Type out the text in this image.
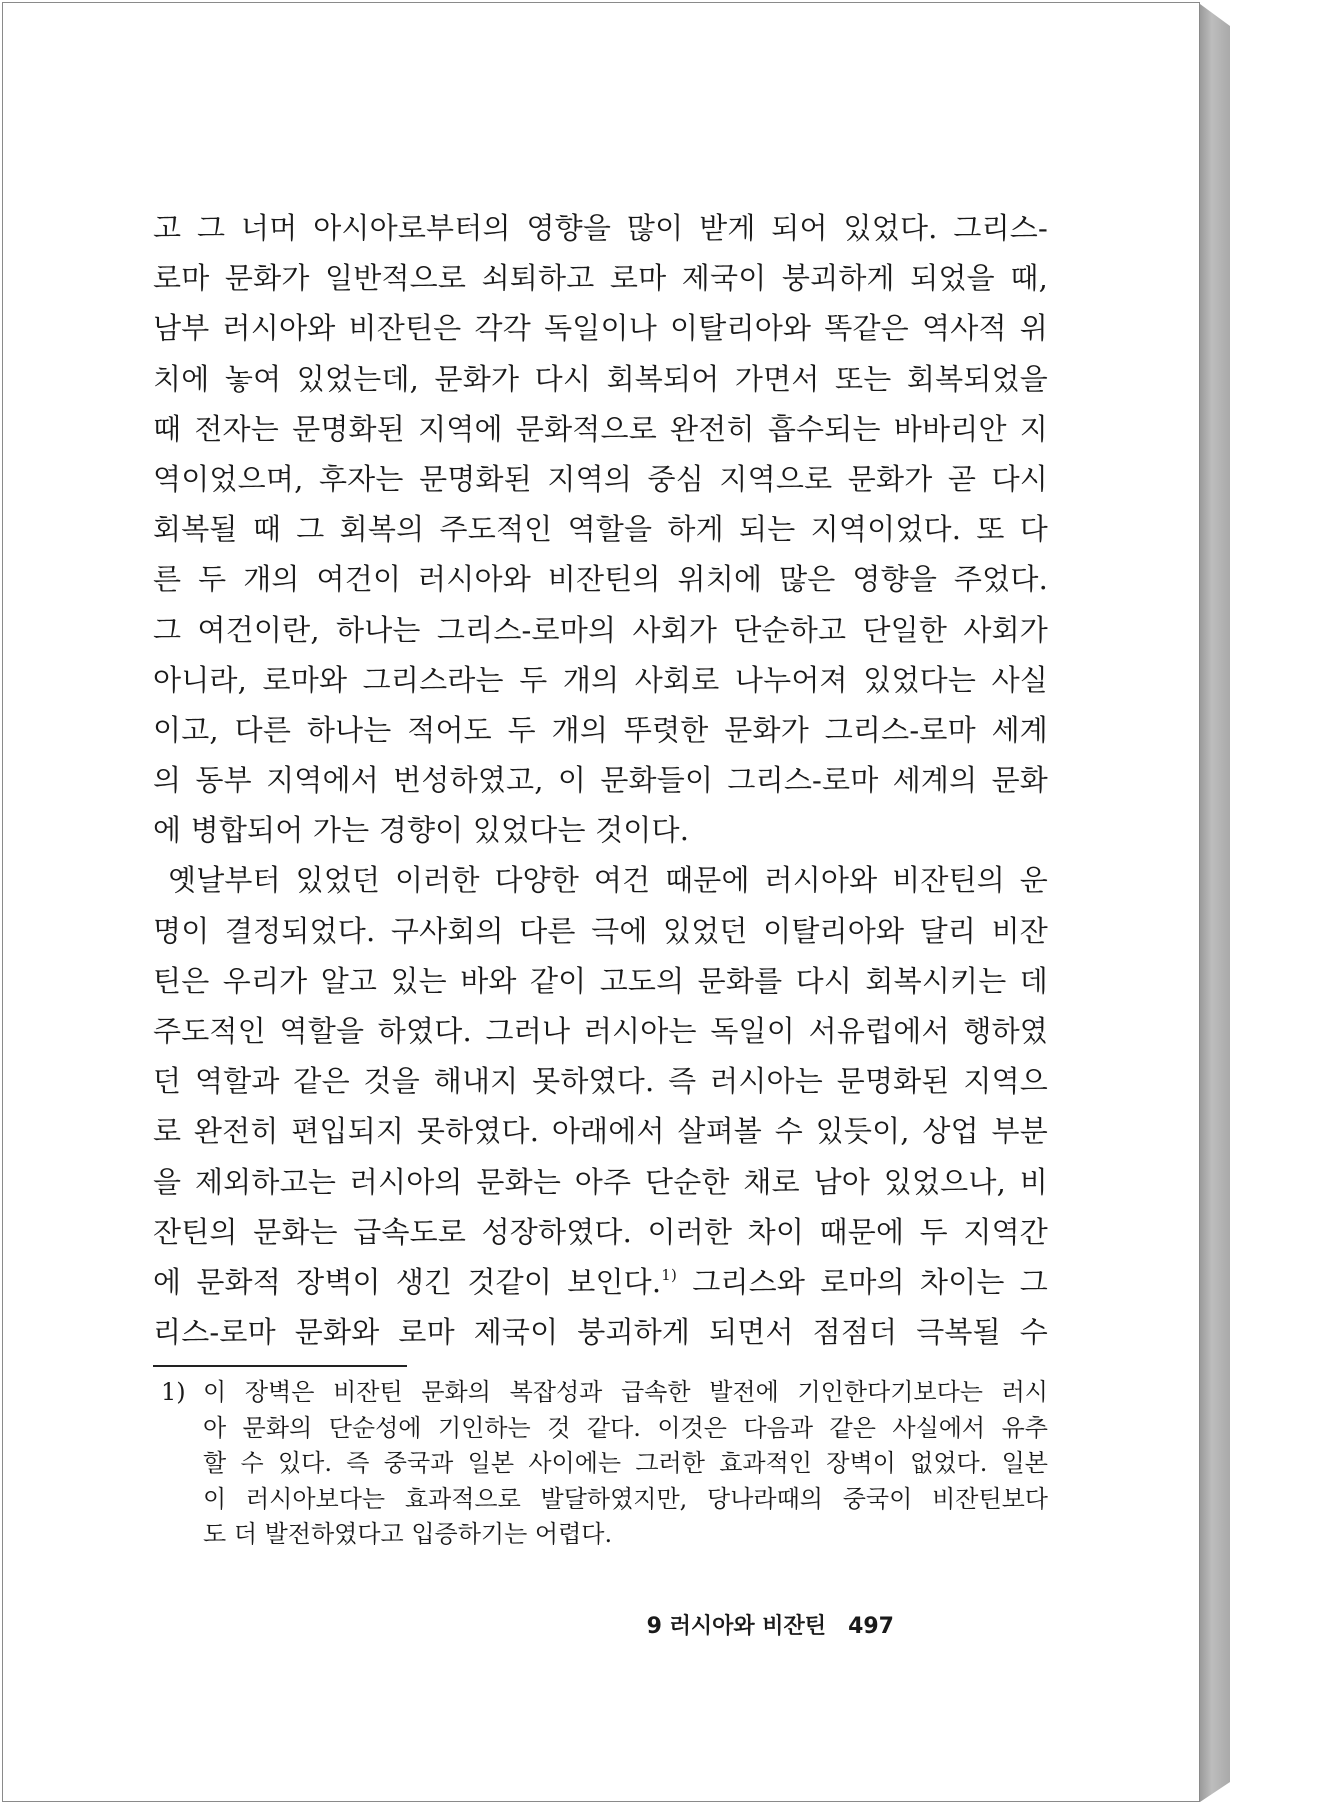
고 그 너머 아시아로부터의 영향을 많이 받게 되어 있었다. 그리스-
로마 문화가 일반적으로 쇠퇴하고 로마 제국이 붕괴하게 되었을 때,
남부 러시아와 비잔틴은 각각 독일이나 이탈리아와 똑같은 역사적 위
치에 놓여 있었는데, 문화가 다시 회복되어 가면서 또는 회복되었을
때 전자는 문명화된 지역에 문화적으로 완전히 흡수되는 바바리안 지
역이었으며, 후자는 문명화된 지역의 중심 지역으로 문화가 곧 다시
회복될 때 그 회복의 주도적인 역할을 하게 되는 지역이었다. 또 다
른 두 개의 여건이 러시아와 비잔틴의 위치에 많은 영향을 주었다.
그 여건이란, 하나는 그리스-로마의 사회가 단순하고 단일한 사회가
아니라, 로마와 그리스라는 두 개의 사회로 나누어져 있었다는 사실
이고, 다른 하나는 적어도 두 개의 뚜렷한 문화가 그리스-로마 세계
의 동부 지역에서 번성하였고, 이 문화들이 그리스-로마 세계의 문화
에 병합되어 가는 경향이 있었다는 것이다.
옛날부터 있었던 이러한 다양한 여건 때문에 러시아와 비잔틴의 운
명이 결정되었다. 구사회의 다른 극에 있었던 이탈리아와 달리 비잔
틴은 우리가 알고 있는 바와 같이 고도의 문화를 다시 회복시키는 데
주도적인 역할을 하였다. 그러나 러시아는 독일이 서유럽에서 행하였
던 역할과 같은 것을 해내지 못하였다. 즉 러시아는 문명화된 지역으
로 완전히 편입되지 못하였다. 아래에서 살펴볼 수 있듯이, 상업 부분
을 제외하고는 러시아의 문화는 아주 단순한 채로 남아 있었으나, 비
잔틴의 문화는 급속도로 성장하였다. 이러한 차이 때문에 두 지역간
에 문화적 장벽이 생긴 것같이 보인다.$^{1)}$ 그리스와 로마의 차이는 그
리스-로마 문화와 로마 제국이 붕괴하게 되면서 점점더 극복될 수
1) 이 장벽은 비잔틴 문화의 복잡성과 급속한 발전에 기인한다기보다는 러시
아 문화의 단순성에 기인하는 것 같다. 이것은 다음과 같은 사실에서 유추
할 수 있다. 즉 중국과 일본 사이에는 그러한 효과적인 장벽이 없었다. 일본
이 러시아보다는 효과적으로 발달하였지만, 당나라때의 중국이 비잔틴보다
도 더 발전하였다고 입증하기는 어렵다.
9 러시아와 비잔틴 497
